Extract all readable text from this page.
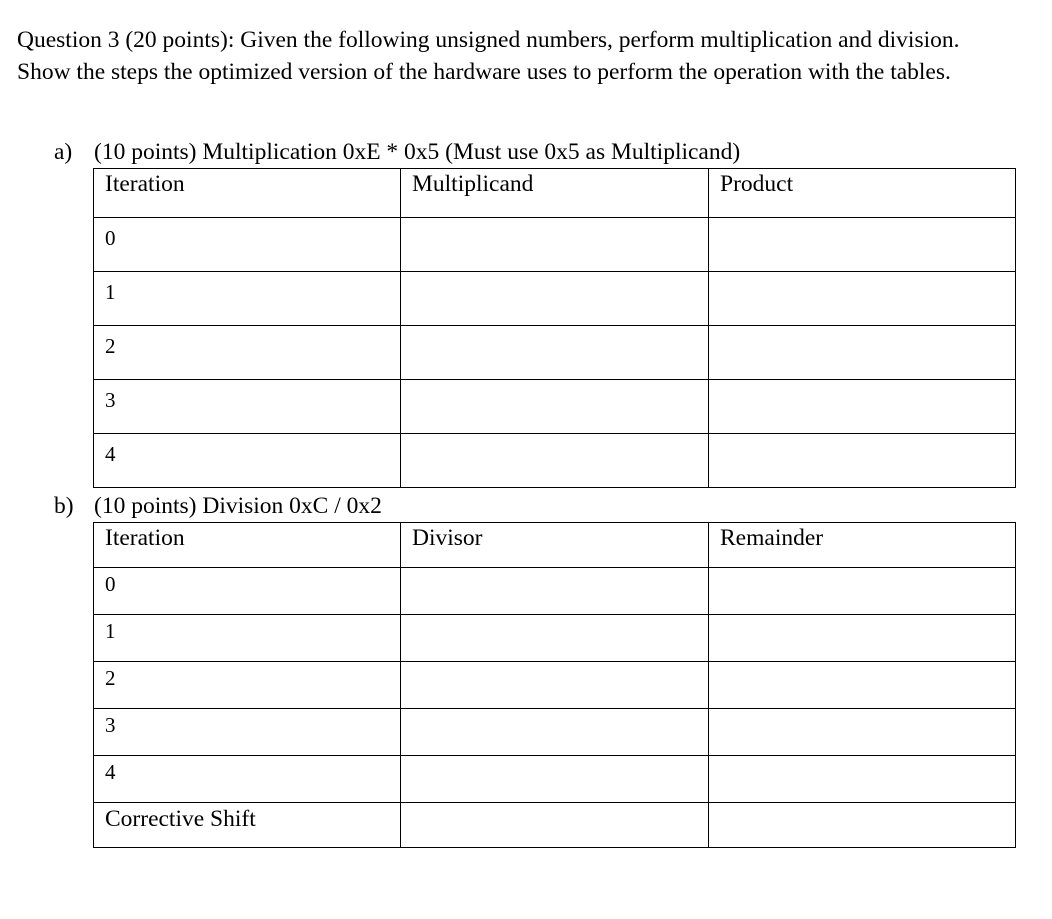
Question 3 (20 points): Given the following unsigned numbers, perform multiplication and division. Show the steps the optimized version of the hardware uses to perform the operation with the tables.

a) (10 points) Multiplication 0xE * 0x5 (Must use 0x5 as Multiplicand)
Iteration	Multiplicand	Product
0		
1		
2		
3		
4		
b) (10 points) Division 0xC / 0x2
Iteration	Divisor	Remainder
0		
1		
2		
3		
4		
Corrective Shift		
